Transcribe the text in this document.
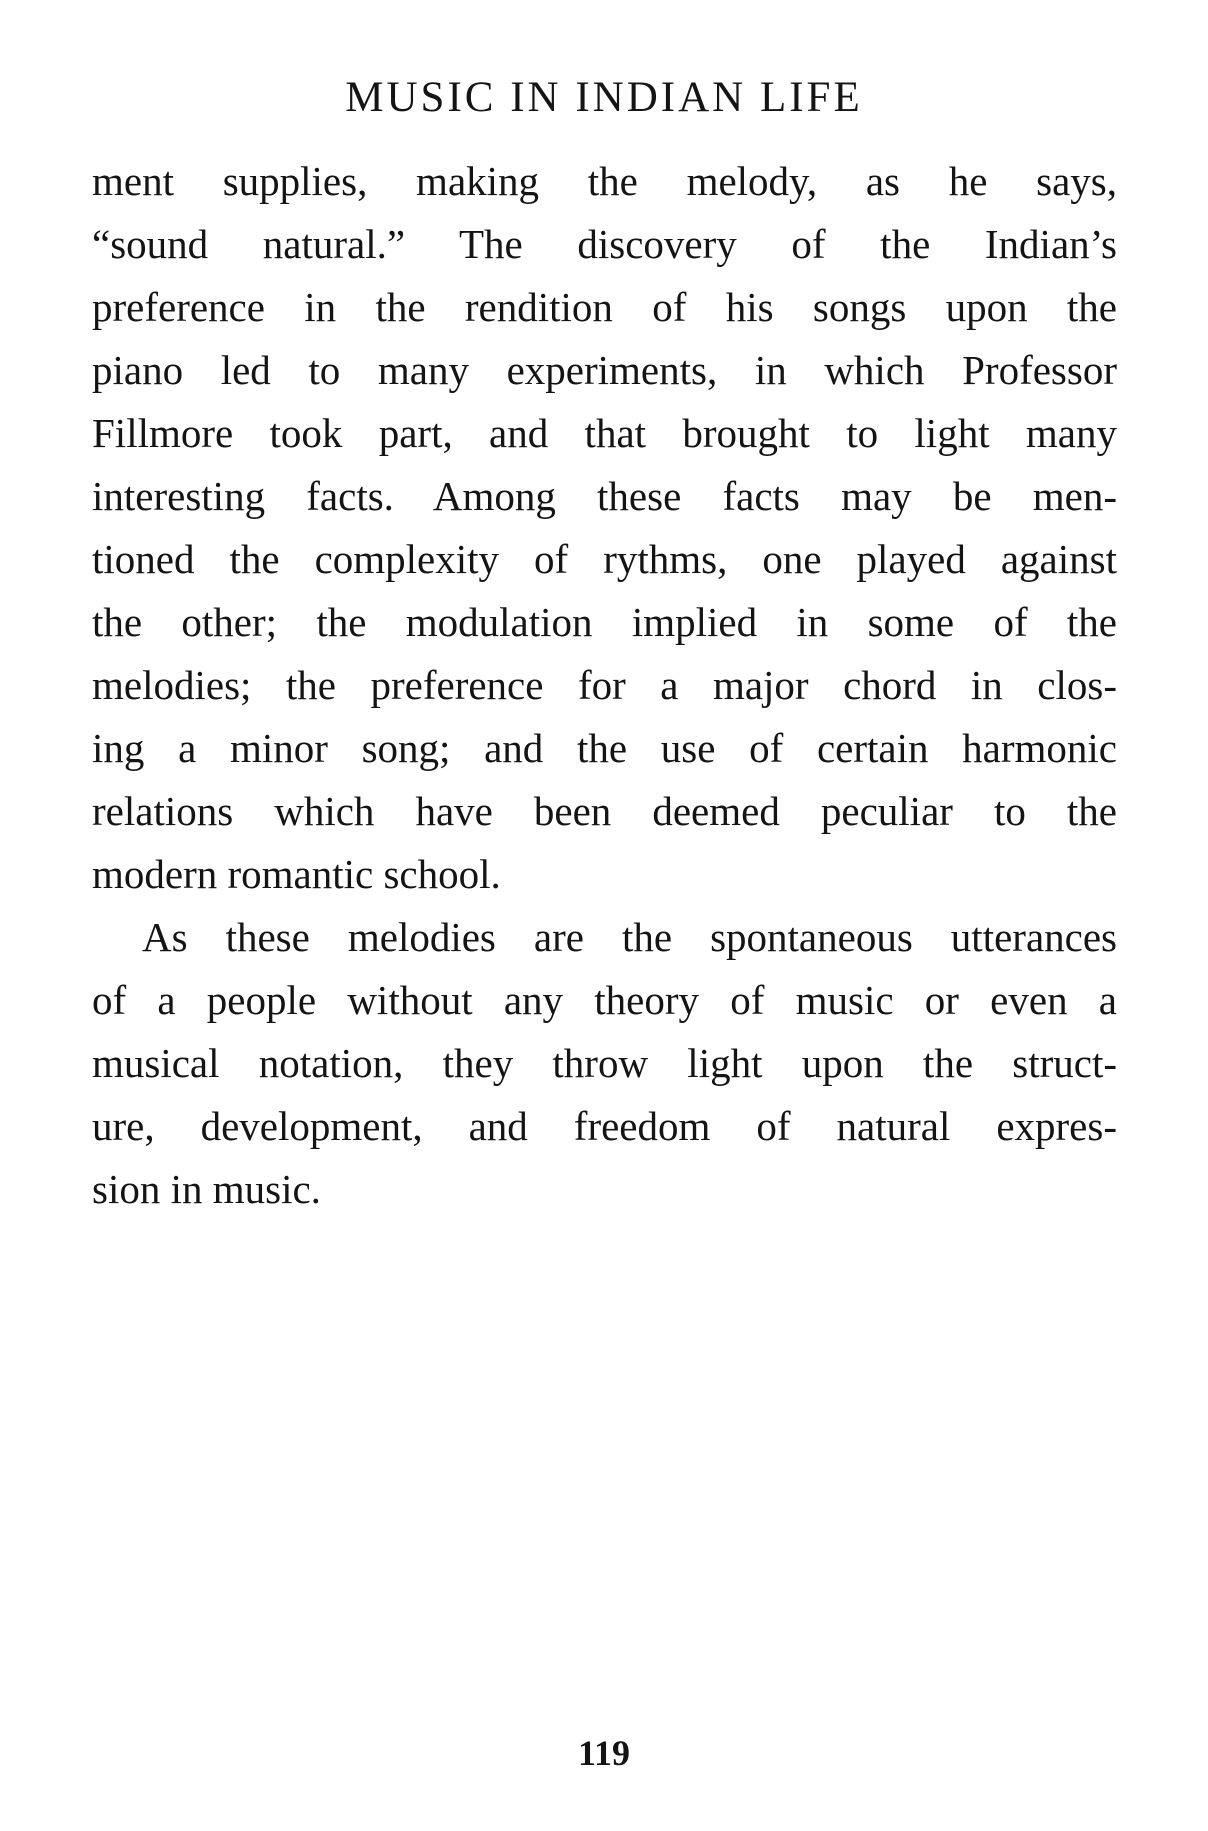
MUSIC IN INDIAN LIFE
ment supplies, making the melody, as he says,
“sound natural.” The discovery of the Indian’s
preference in the rendition of his songs upon the
piano led to many experiments, in which Professor
Fillmore took part, and that brought to light many
interesting facts. Among these facts may be men-
tioned the complexity of rythms, one played against
the other; the modulation implied in some of the
melodies; the preference for a major chord in clos-
ing a minor song; and the use of certain harmonic
relations which have been deemed peculiar to the
modern romantic school.
As these melodies are the spontaneous utterances
of a people without any theory of music or even a
musical notation, they throw light upon the struct-
ure, development, and freedom of natural expres-
sion in music.
119
